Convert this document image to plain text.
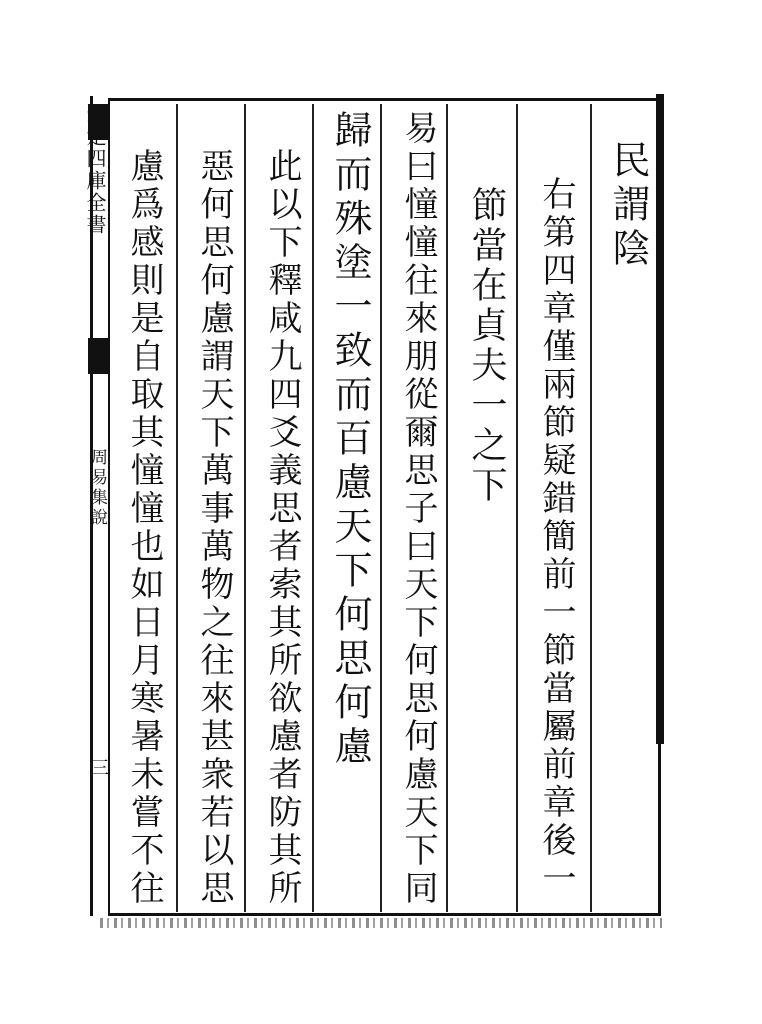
欽定四庫全書
周易集說
三
民謂陰
右第四章僅兩節疑錯簡前一節當屬前章後一
節當在貞夫一之下
易曰憧憧往來朋從爾思子曰天下何思何慮天下同
歸而殊塗一致而百慮天下何思何慮
此以下釋咸九四爻義思者索其所欲慮者防其所
惡何思何慮謂天下萬事萬物之往來甚衆若以思
慮爲感則是自取其憧憧也如日月寒暑未嘗不往
